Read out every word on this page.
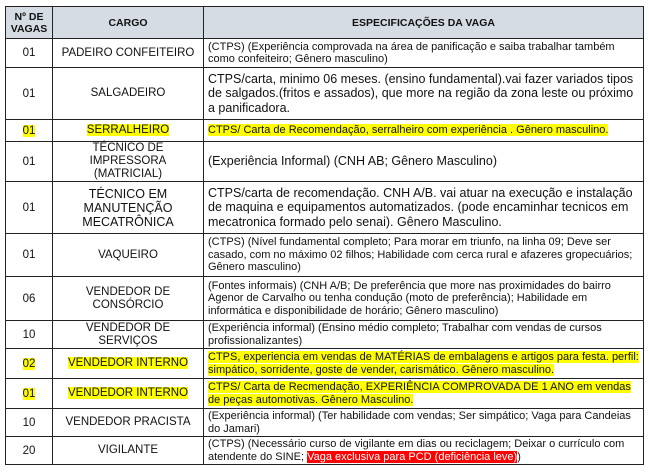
Nº DE VAGAS	CARGO	ESPECIFICAÇÕES DA VAGA
01	PADEIRO CONFEITEIRO	(CTPS) (Experiência comprovada na área de panificação e saiba trabalhar também como confeiteiro; Gênero masculino)
01	SALGADEIRO	CTPS/carta, minimo 06 meses. (ensino fundamental).vai fazer variados tipos de salgados.(fritos e assados), que more na região da zona leste ou próximo a panificadora.
01	SERRALHEIRO	CTPS/ Carta de Recomendação, serralheiro com experiência . Gênero masculino.
01	TÉCNICO DE IMPRESSORA (MATRICIAL)	(Experiência Informal) (CNH AB; Gênero Masculino)
01	TÉCNICO EM MANUTENÇÃO MECATRÔNICA	CTPS/carta de recomendação. CNH A/B. vai atuar na execução e instalação de maquina e equipamentos automatizados. (pode encaminhar tecnicos em mecatronica formado pelo senai). Gênero Masculino.
01	VAQUEIRO	(CTPS) (Nível fundamental completo; Para morar em triunfo, na linha 09; Deve ser casado, com no máximo 02 filhos; Habilidade com cerca rural e afazeres gropecuários; Gênero masculino)
06	VENDEDOR DE CONSÓRCIO	(Fontes informais) (CNH A/B; De preferência que more nas proximidades do bairro Agenor de Carvalho ou tenha condução (moto de preferência); Habilidade em informática e disponibilidade de horário; Gênero masculino)
10	VENDEDOR DE SERVIÇOS	(Experiência informal) (Ensino médio completo; Trabalhar com vendas de cursos profissionalizantes)
02	VENDEDOR INTERNO	CTPS, experiencia em vendas de MATÉRIAS de embalagens e artigos para festa. perfil: simpático, sorridente, goste de vender, carismático. Gênero masculino.
01	VENDEDOR INTERNO	CTPS/ Carta de Recmendação, EXPERIÊNCIA COMPROVADA DE 1 ANO em vendas de peças automotivas. Gênero Masculino.
10	VENDEDOR PRACISTA	(Experiência informal) (Ter habilidade com vendas; Ser simpático; Vaga para Candeias do Jamari)
20	VIGILANTE	(CTPS) (Necessário curso de vigilante em dias ou reciclagem; Deixar o currículo com atendente do SINE; Vaga exclusiva para PCD (deficiência leve))
